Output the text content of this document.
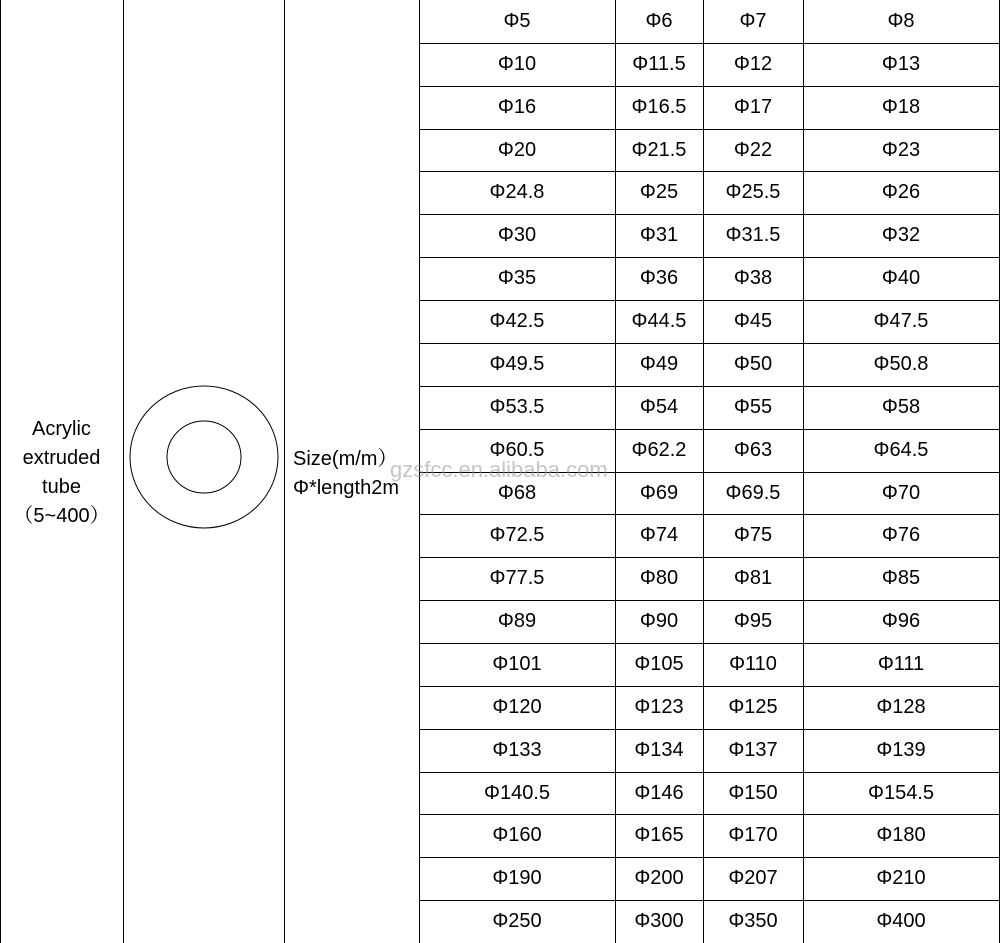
Acrylic
extruded
tube
（5~400）
Size(m/m）
Φ*length2m
Φ5	Φ6	Φ7	Φ8
Φ10	Φ11.5	Φ12	Φ13
Φ16	Φ16.5	Φ17	Φ18
Φ20	Φ21.5	Φ22	Φ23
Φ24.8	Φ25	Φ25.5	Φ26
Φ30	Φ31	Φ31.5	Φ32
Φ35	Φ36	Φ38	Φ40
Φ42.5	Φ44.5	Φ45	Φ47.5
Φ49.5	Φ49	Φ50	Φ50.8
Φ53.5	Φ54	Φ55	Φ58
Φ60.5	Φ62.2	Φ63	Φ64.5
Φ68	Φ69	Φ69.5	Φ70
Φ72.5	Φ74	Φ75	Φ76
Φ77.5	Φ80	Φ81	Φ85
Φ89	Φ90	Φ95	Φ96
Φ101	Φ105	Φ110	Φ111
Φ120	Φ123	Φ125	Φ128
Φ133	Φ134	Φ137	Φ139
Φ140.5	Φ146	Φ150	Φ154.5
Φ160	Φ165	Φ170	Φ180
Φ190	Φ200	Φ207	Φ210
Φ250	Φ300	Φ350	Φ400
gzsfcc.en.alibaba.com
